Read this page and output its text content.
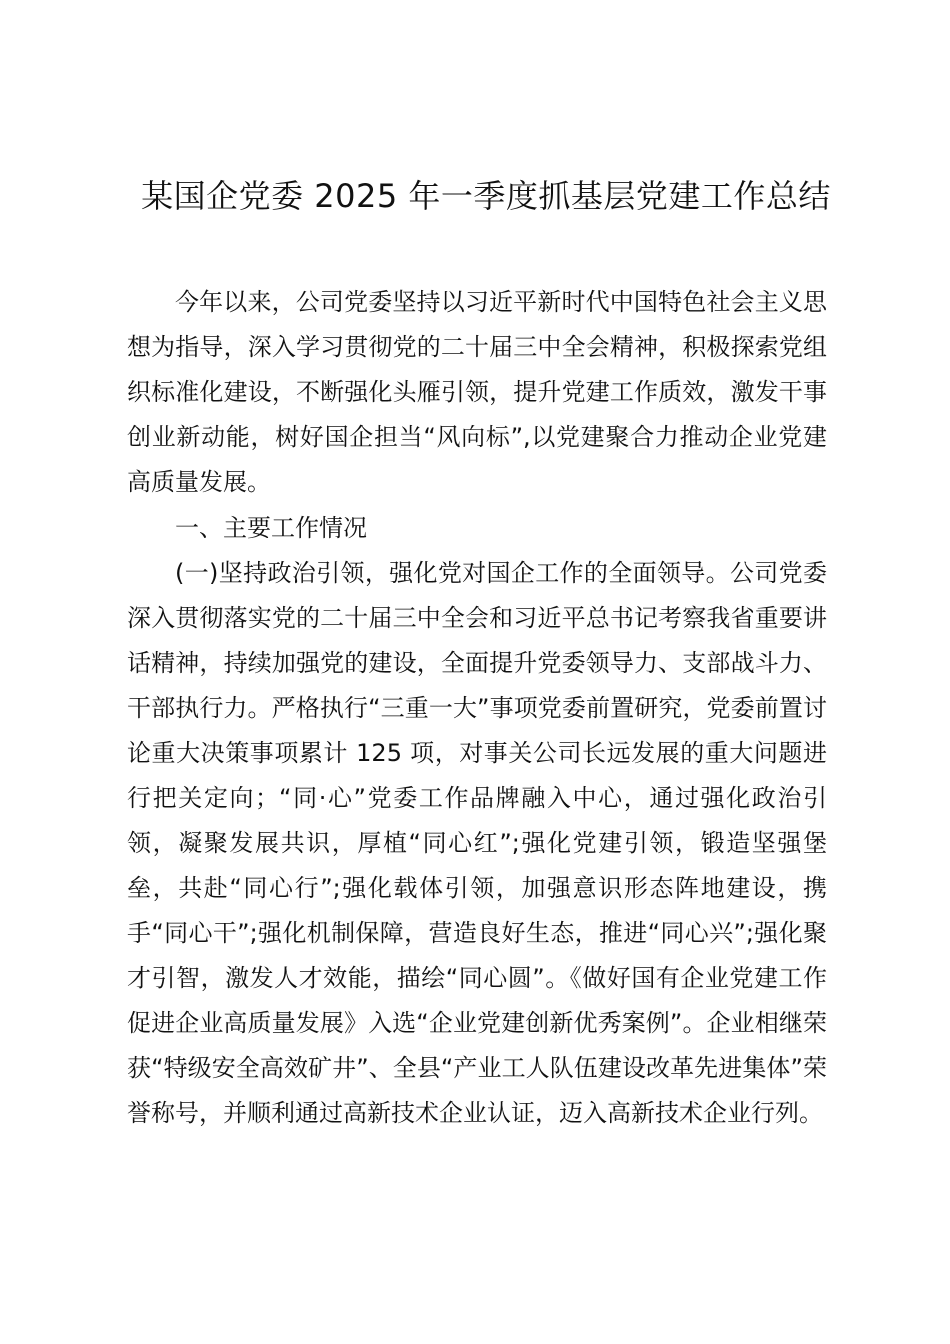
某国企党委 2025 年一季度抓基层党建工作总结

今年以来，公司党委坚持以习近平新时代中国特色社会主义思想为指导，深入学习贯彻党的二十届三中全会精神，积极探索党组织标准化建设，不断强化头雁引领，提升党建工作质效，激发干事创业新动能，树好国企担当“风向标”,以党建聚合力推动企业党建高质量发展。

一、主要工作情况

(一)坚持政治引领，强化党对国企工作的全面领导。公司党委深入贯彻落实党的二十届三中全会和习近平总书记考察我省重要讲话精神，持续加强党的建设，全面提升党委领导力、支部战斗力、干部执行力。严格执行“三重一大”事项党委前置研究，党委前置讨论重大决策事项累计 125 项，对事关公司长远发展的重大问题进行把关定向；“同·心”党委工作品牌融入中心，通过强化政治引领，凝聚发展共识，厚植“同心红”;强化党建引领，锻造坚强堡垒，共赴“同心行”;强化载体引领，加强意识形态阵地建设，携手“同心干”;强化机制保障，营造良好生态，推进“同心兴”;强化聚才引智，激发人才效能，描绘“同心圆”。《做好国有企业党建工作促进企业高质量发展》入选“企业党建创新优秀案例”。企业相继荣获“特级安全高效矿井”、全县“产业工人队伍建设改革先进集体”荣誉称号，并顺利通过高新技术企业认证，迈入高新技术企业行列。
